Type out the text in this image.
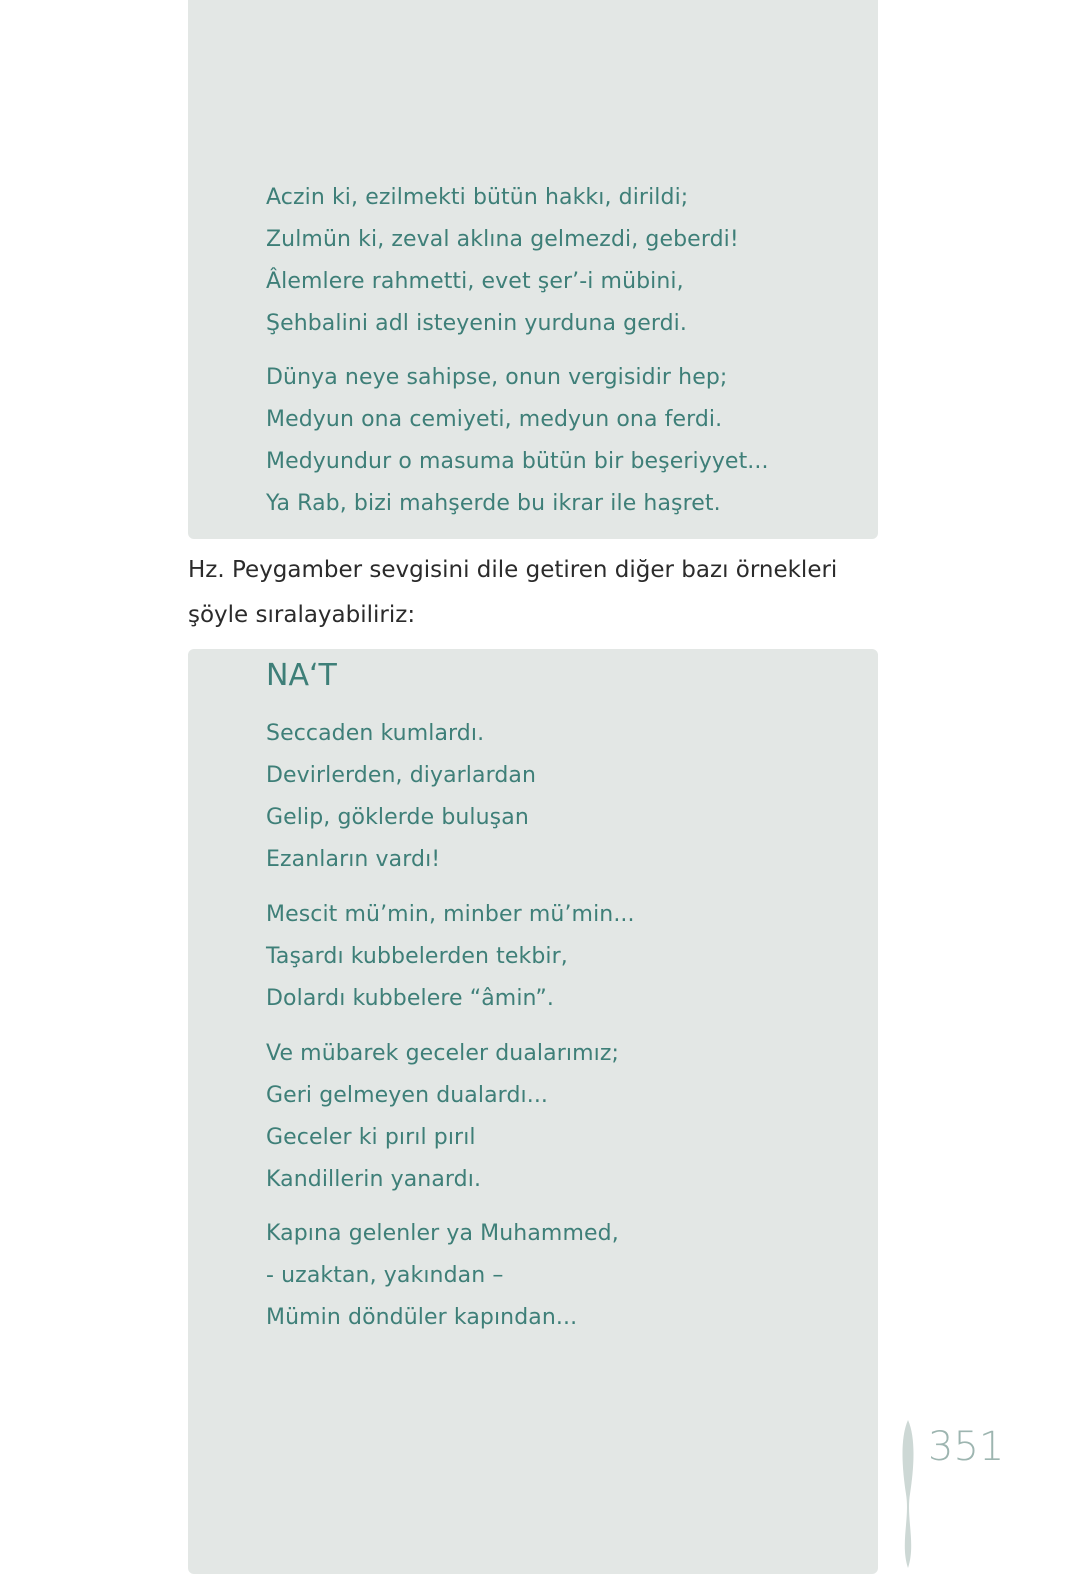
Aczin ki, ezilmekti bütün hakkı, dirildi;
Zulmün ki, zeval aklına gelmezdi, geberdi!
Âlemlere rahmetti, evet şer’-i mübini,
Şehbalini adl isteyenin yurduna gerdi.
Dünya neye sahipse, onun vergisidir hep;
Medyun ona cemiyeti, medyun ona ferdi.
Medyundur o masuma bütün bir beşeriyyet...
Ya Rab, bizi mahşerde bu ikrar ile haşret.

Hz. Peygamber sevgisini dile getiren diğer bazı örnekleri
şöyle sıralayabiliriz:

NA‘T
Seccaden kumlardı.
Devirlerden, diyarlardan
Gelip, göklerde buluşan
Ezanların vardı!
Mescit mü’min, minber mü’min...
Taşardı kubbelerden tekbir,
Dolardı kubbelere “âmin”.
Ve mübarek geceler dualarımız;
Geri gelmeyen dualardı...
Geceler ki pırıl pırıl
Kandillerin yanardı.
Kapına gelenler ya Muhammed,
- uzaktan, yakından –
Mümin döndüler kapından...
351
